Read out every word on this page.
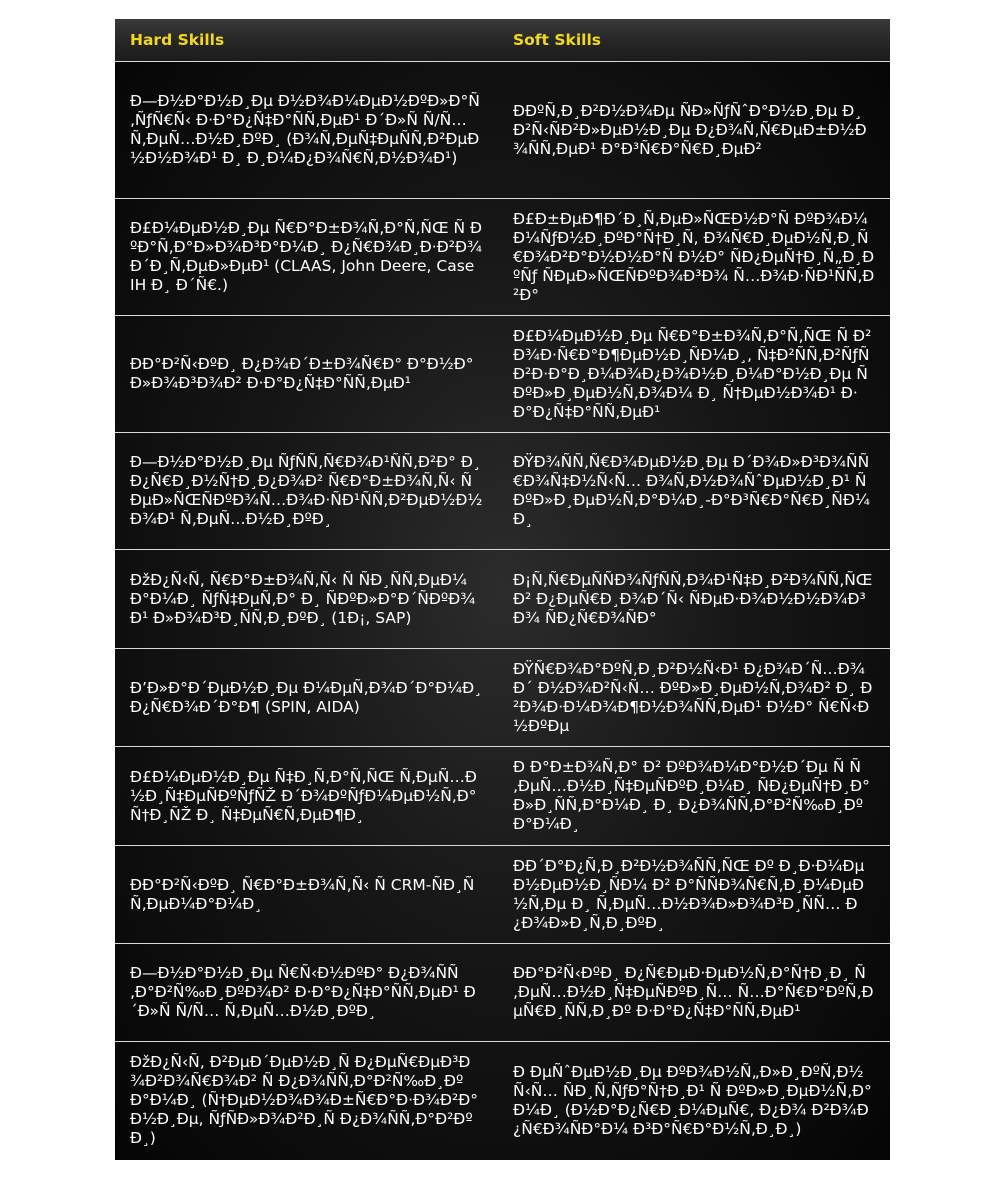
Hard Skills	Soft Skills
Ð—Ð½Ð°Ð½Ð¸Ðµ Ð½Ð¾Ð¼ÐµÐ½ÐºÐ»Ð°Ñ‚ÑƒÑ€Ñ‹ Ð·Ð°Ð¿Ñ‡Ð°ÑÑ‚ÐµÐ¹ Ð´Ð»Ñ Ñ/Ñ… Ñ‚ÐµÑ…Ð½Ð¸ÐºÐ¸ (Ð¾Ñ‚ÐµÑ‡ÐµÑÑ‚Ð²ÐµÐ½Ð½Ð¾Ð¹ Ð¸ Ð¸Ð¼Ð¿Ð¾Ñ€Ñ‚Ð½Ð¾Ð¹)	ÐÐºÑ‚Ð¸Ð²Ð½Ð¾Ðµ ÑÐ»ÑƒÑˆÐ°Ð½Ð¸Ðµ Ð¸ Ð²Ñ‹ÑÐ²Ð»ÐµÐ½Ð¸Ðµ Ð¿Ð¾Ñ‚Ñ€ÐµÐ±Ð½Ð¾ÑÑ‚ÐµÐ¹ Ð°Ð³Ñ€Ð°Ñ€Ð¸ÐµÐ²
Ð£Ð¼ÐµÐ½Ð¸Ðµ Ñ€Ð°Ð±Ð¾Ñ‚Ð°Ñ‚ÑŒ Ñ ÐºÐ°Ñ‚Ð°Ð»Ð¾Ð³Ð°Ð¼Ð¸ Ð¿Ñ€Ð¾Ð¸Ð·Ð²Ð¾Ð´Ð¸Ñ‚ÐµÐ»ÐµÐ¹ (CLAAS, John Deere, Case IH Ð¸ Ð´Ñ€.)	Ð£Ð±ÐµÐ¶Ð´Ð¸Ñ‚ÐµÐ»ÑŒÐ½Ð°Ñ ÐºÐ¾Ð¼Ð¼ÑƒÐ½Ð¸ÐºÐ°Ñ†Ð¸Ñ, Ð¾Ñ€Ð¸ÐµÐ½Ñ‚Ð¸Ñ€Ð¾Ð²Ð°Ð½Ð½Ð°Ñ Ð½Ð° ÑÐ¿ÐµÑ†Ð¸Ñ„Ð¸ÐºÑƒ ÑÐµÐ»ÑŒÑÐºÐ¾Ð³Ð¾ Ñ…Ð¾Ð·ÑÐ¹ÑÑ‚Ð²Ð°
ÐÐ°Ð²Ñ‹ÐºÐ¸ Ð¿Ð¾Ð´Ð±Ð¾Ñ€Ð° Ð°Ð½Ð°Ð»Ð¾Ð³Ð¾Ð² Ð·Ð°Ð¿Ñ‡Ð°ÑÑ‚ÐµÐ¹	Ð£Ð¼ÐµÐ½Ð¸Ðµ Ñ€Ð°Ð±Ð¾Ñ‚Ð°Ñ‚ÑŒ Ñ Ð²Ð¾Ð·Ñ€Ð°Ð¶ÐµÐ½Ð¸ÑÐ¼Ð¸, Ñ‡Ð²ÑÑ‚Ð²ÑƒÑ Ð²Ð·Ð°Ð¸Ð¼Ð¾Ð¿Ð¾Ð½Ð¸Ð¼Ð°Ð½Ð¸Ðµ Ñ ÐºÐ»Ð¸ÐµÐ½Ñ‚Ð¾Ð¼ Ð¸ Ñ†ÐµÐ½Ð¾Ð¹ Ð·Ð°Ð¿Ñ‡Ð°ÑÑ‚ÐµÐ¹
Ð—Ð½Ð°Ð½Ð¸Ðµ ÑƒÑÑ‚Ñ€Ð¾Ð¹ÑÑ‚Ð²Ð° Ð¸ Ð¿Ñ€Ð¸Ð½Ñ†Ð¸Ð¿Ð¾Ð² Ñ€Ð°Ð±Ð¾Ñ‚Ñ‹ ÑÐµÐ»ÑŒÑÐºÐ¾Ñ…Ð¾Ð·ÑÐ¹ÑÑ‚Ð²ÐµÐ½Ð½Ð¾Ð¹ Ñ‚ÐµÑ…Ð½Ð¸ÐºÐ¸	ÐŸÐ¾ÑÑ‚Ñ€Ð¾ÐµÐ½Ð¸Ðµ Ð´Ð¾Ð»Ð³Ð¾ÑÑ€Ð¾Ñ‡Ð½Ñ‹Ñ… Ð¾Ñ‚Ð½Ð¾ÑˆÐµÐ½Ð¸Ð¹ Ñ ÐºÐ»Ð¸ÐµÐ½Ñ‚Ð°Ð¼Ð¸-Ð°Ð³Ñ€Ð°Ñ€Ð¸ÑÐ¼Ð¸
ÐžÐ¿Ñ‹Ñ‚ Ñ€Ð°Ð±Ð¾Ñ‚Ñ‹ Ñ ÑÐ¸ÑÑ‚ÐµÐ¼Ð°Ð¼Ð¸ ÑƒÑ‡ÐµÑ‚Ð° Ð¸ ÑÐºÐ»Ð°Ð´ÑÐºÐ¾Ð¹ Ð»Ð¾Ð³Ð¸ÑÑ‚Ð¸ÐºÐ¸ (1Ð¡, SAP)	Ð¡Ñ‚Ñ€ÐµÑÑÐ¾ÑƒÑÑ‚Ð¾Ð¹Ñ‡Ð¸Ð²Ð¾ÑÑ‚ÑŒ Ð² Ð¿ÐµÑ€Ð¸Ð¾Ð´Ñ‹ ÑÐµÐ·Ð¾Ð½Ð½Ð¾Ð³Ð¾ ÑÐ¿Ñ€Ð¾ÑÐ°
Ð’Ð»Ð°Ð´ÐµÐ½Ð¸Ðµ Ð¼ÐµÑ‚Ð¾Ð´Ð°Ð¼Ð¸ Ð¿Ñ€Ð¾Ð´Ð°Ð¶ (SPIN, AIDA)	ÐŸÑ€Ð¾Ð°ÐºÑ‚Ð¸Ð²Ð½Ñ‹Ð¹ Ð¿Ð¾Ð´Ñ…Ð¾Ð´ Ð½Ð¾Ð²Ñ‹Ñ… ÐºÐ»Ð¸ÐµÐ½Ñ‚Ð¾Ð² Ð¸ Ð²Ð¾Ð·Ð¼Ð¾Ð¶Ð½Ð¾ÑÑ‚ÐµÐ¹ Ð½Ð° Ñ€Ñ‹Ð½ÐºÐµ
Ð£Ð¼ÐµÐ½Ð¸Ðµ Ñ‡Ð¸Ñ‚Ð°Ñ‚ÑŒ Ñ‚ÐµÑ…Ð½Ð¸Ñ‡ÐµÑÐºÑƒÑŽ Ð´Ð¾ÐºÑƒÐ¼ÐµÐ½Ñ‚Ð°Ñ†Ð¸ÑŽ Ð¸ Ñ‡ÐµÑ€Ñ‚ÐµÐ¶Ð¸	Ð Ð°Ð±Ð¾Ñ‚Ð° Ð² ÐºÐ¾Ð¼Ð°Ð½Ð´Ðµ Ñ Ñ‚ÐµÑ…Ð½Ð¸Ñ‡ÐµÑÐºÐ¸Ð¼Ð¸ ÑÐ¿ÐµÑ†Ð¸Ð°Ð»Ð¸ÑÑ‚Ð°Ð¼Ð¸ Ð¸ Ð¿Ð¾ÑÑ‚Ð°Ð²Ñ‰Ð¸ÐºÐ°Ð¼Ð¸
ÐÐ°Ð²Ñ‹ÐºÐ¸ Ñ€Ð°Ð±Ð¾Ñ‚Ñ‹ Ñ CRM-ÑÐ¸ÑÑ‚ÐµÐ¼Ð°Ð¼Ð¸	ÐÐ´Ð°Ð¿Ñ‚Ð¸Ð²Ð½Ð¾ÑÑ‚ÑŒ Ðº Ð¸Ð·Ð¼ÐµÐ½ÐµÐ½Ð¸ÑÐ¼ Ð² Ð°ÑÑÐ¾Ñ€Ñ‚Ð¸Ð¼ÐµÐ½Ñ‚Ðµ Ð¸ Ñ‚ÐµÑ…Ð½Ð¾Ð»Ð¾Ð³Ð¸ÑÑ… Ð¿Ð¾Ð»Ð¸Ñ‚Ð¸ÐºÐ¸
Ð—Ð½Ð°Ð½Ð¸Ðµ Ñ€Ñ‹Ð½ÐºÐ° Ð¿Ð¾ÑÑ‚Ð°Ð²Ñ‰Ð¸ÐºÐ¾Ð² Ð·Ð°Ð¿Ñ‡Ð°ÑÑ‚ÐµÐ¹ Ð´Ð»Ñ Ñ/Ñ… Ñ‚ÐµÑ…Ð½Ð¸ÐºÐ¸	ÐÐ°Ð²Ñ‹ÐºÐ¸ Ð¿Ñ€ÐµÐ·ÐµÐ½Ñ‚Ð°Ñ†Ð¸Ð¸ Ñ‚ÐµÑ…Ð½Ð¸Ñ‡ÐµÑÐºÐ¸Ñ… Ñ…Ð°Ñ€Ð°ÐºÑ‚ÐµÑ€Ð¸ÑÑ‚Ð¸Ðº Ð·Ð°Ð¿Ñ‡Ð°ÑÑ‚ÐµÐ¹
ÐžÐ¿Ñ‹Ñ‚ Ð²ÐµÐ´ÐµÐ½Ð¸Ñ Ð¿ÐµÑ€ÐµÐ³Ð¾Ð²Ð¾Ñ€Ð¾Ð² Ñ Ð¿Ð¾ÑÑ‚Ð°Ð²Ñ‰Ð¸ÐºÐ°Ð¼Ð¸ (Ñ†ÐµÐ½Ð¾Ð¾Ð±Ñ€Ð°Ð·Ð¾Ð²Ð°Ð½Ð¸Ðµ, ÑƒÑÐ»Ð¾Ð²Ð¸Ñ Ð¿Ð¾ÑÑ‚Ð°Ð²ÐºÐ¸)	Ð ÐµÑˆÐµÐ½Ð¸Ðµ ÐºÐ¾Ð½Ñ„Ð»Ð¸ÐºÑ‚Ð½Ñ‹Ñ… ÑÐ¸Ñ‚ÑƒÐ°Ñ†Ð¸Ð¹ Ñ ÐºÐ»Ð¸ÐµÐ½Ñ‚Ð°Ð¼Ð¸ (Ð½Ð°Ð¿Ñ€Ð¸Ð¼ÐµÑ€, Ð¿Ð¾ Ð²Ð¾Ð¿Ñ€Ð¾ÑÐ°Ð¼ Ð³Ð°Ñ€Ð°Ð½Ñ‚Ð¸Ð¸)
